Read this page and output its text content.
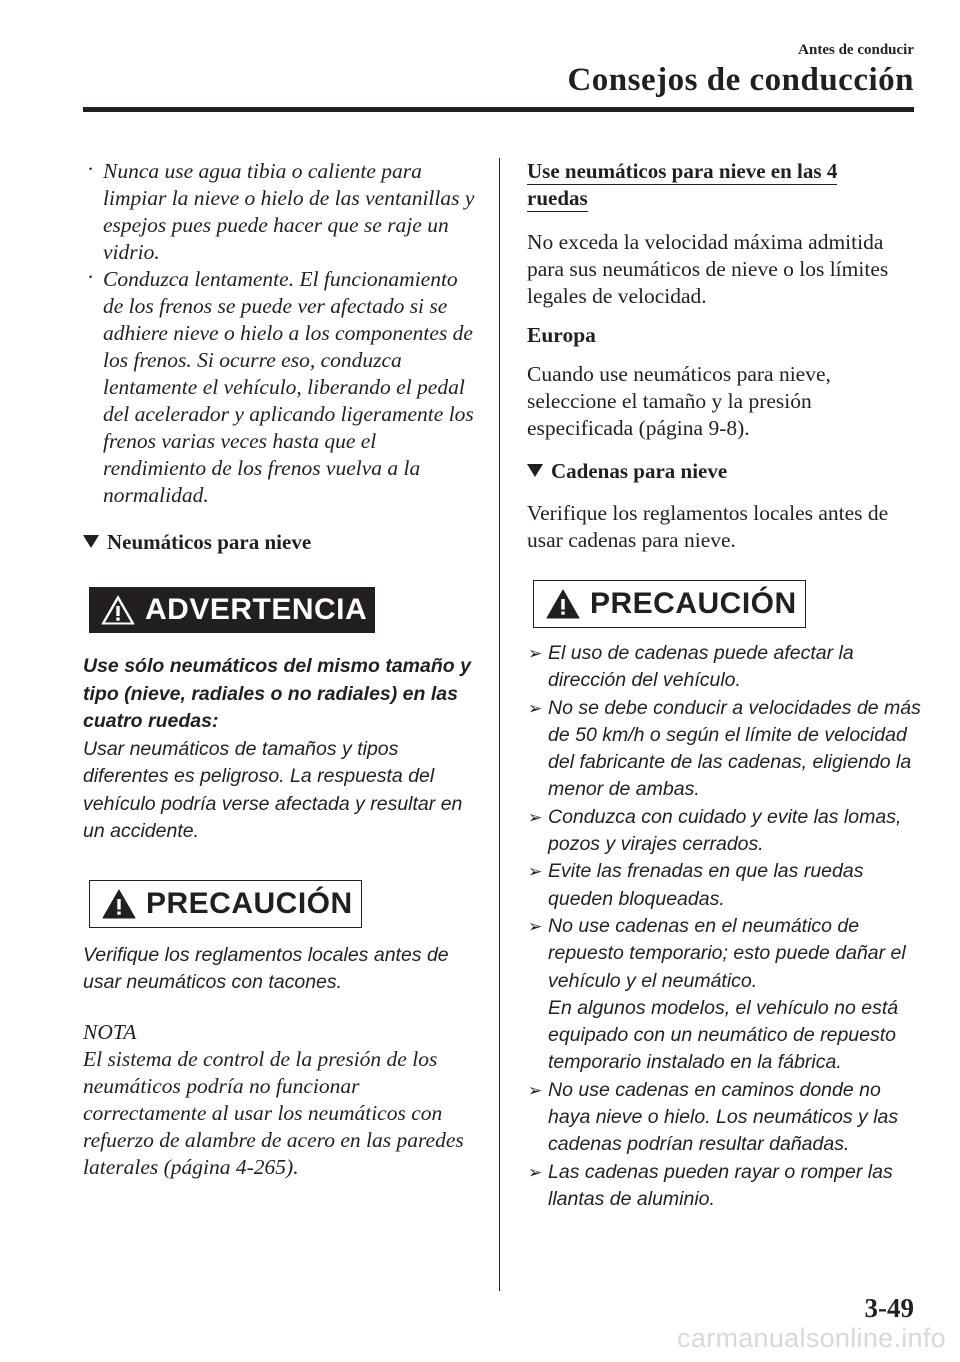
Antes de conducir
Consejos de conducción
· Nunca use agua tibia o caliente para limpiar la nieve o hielo de las ventanillas y espejos pues puede hacer que se raje un vidrio.
· Conduzca lentamente. El funcionamiento de los frenos se puede ver afectado si se adhiere nieve o hielo a los componentes de los frenos. Si ocurre eso, conduzca lentamente el vehículo, liberando el pedal del acelerador y aplicando ligeramente los frenos varias veces hasta que el rendimiento de los frenos vuelva a la normalidad.

Neumáticos para nieve

ADVERTENCIA
Use sólo neumáticos del mismo tamaño y tipo (nieve, radiales o no radiales) en las cuatro ruedas:
Usar neumáticos de tamaños y tipos diferentes es peligroso. La respuesta del vehículo podría verse afectada y resultar en un accidente.
PRECAUCIÓN
Verifique los reglamentos locales antes de usar neumáticos con tacones.
NOTA
El sistema de control de la presión de los neumáticos podría no funcionar correctamente al usar los neumáticos con refuerzo de alambre de acero en las paredes laterales (página 4-265).

Use neumáticos para nieve en las 4
ruedas

No exceda la velocidad máxima admitida para sus neumáticos de nieve o los límites legales de velocidad.

Europa

Cuando use neumáticos para nieve, seleccione el tamaño y la presión especificada (página 9-8).

Cadenas para nieve

Verifique los reglamentos locales antes de usar cadenas para nieve.

PRECAUCIÓN
➢ El uso de cadenas puede afectar la dirección del vehículo.
➢ No se debe conducir a velocidades de más de 50 km/h o según el límite de velocidad del fabricante de las cadenas, eligiendo la menor de ambas.
➢ Conduzca con cuidado y evite las lomas, pozos y virajes cerrados.
➢ Evite las frenadas en que las ruedas queden bloqueadas.
➢ No use cadenas en el neumático de repuesto temporario; esto puede dañar el vehículo y el neumático.
En algunos modelos, el vehículo no está equipado con un neumático de repuesto temporario instalado en la fábrica.
➢ No use cadenas en caminos donde no haya nieve o hielo. Los neumáticos y las cadenas podrían resultar dañadas.
➢ Las cadenas pueden rayar o romper las llantas de aluminio.
3-49
carmanualsonline.info
